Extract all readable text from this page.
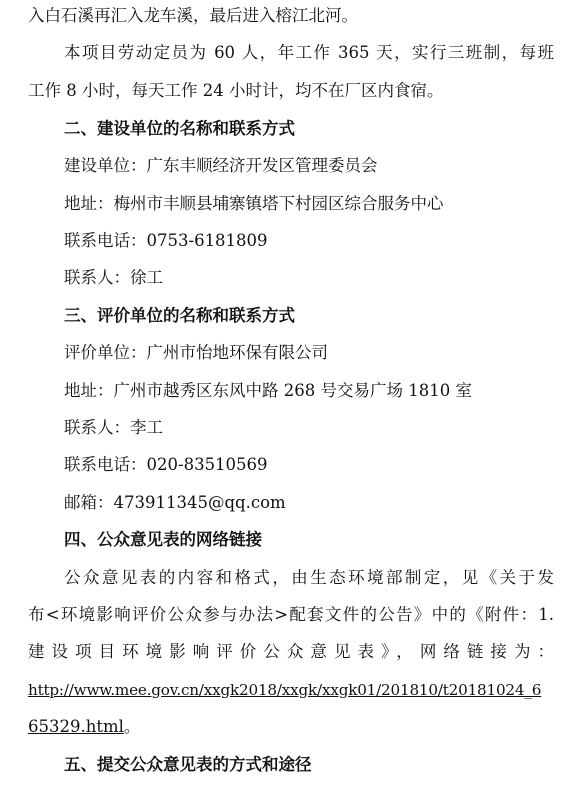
入白石溪再汇入龙车溪，最后进入榕江北河。
本项目劳动定员为 60 人，年工作 365 天，实行三班制，每班
工作 8 小时，每天工作 24 小时计，均不在厂区内食宿。
二、建设单位的名称和联系方式
建设单位：广东丰顺经济开发区管理委员会
地址：梅州市丰顺县埔寨镇塔下村园区综合服务中心
联系电话：0753-6181809
联系人：徐工
三、评价单位的名称和联系方式
评价单位：广州市怡地环保有限公司
地址：广州市越秀区东风中路 268 号交易广场 1810 室
联系人：李工
联系电话：020-83510569
邮箱：473911345@qq.com
四、公众意见表的网络链接
公众意见表的内容和格式，由生态环境部制定，见《关于发
布<环境影响评价公众参与办法>配套文件的公告》中的《附件：1.
建设项目环境影响评价公众意见表》，网络链接为：
http://www.mee.gov.cn/xxgk2018/xxgk/xxgk01/201810/t20181024_6
65329.html。
五、提交公众意见表的方式和途径
